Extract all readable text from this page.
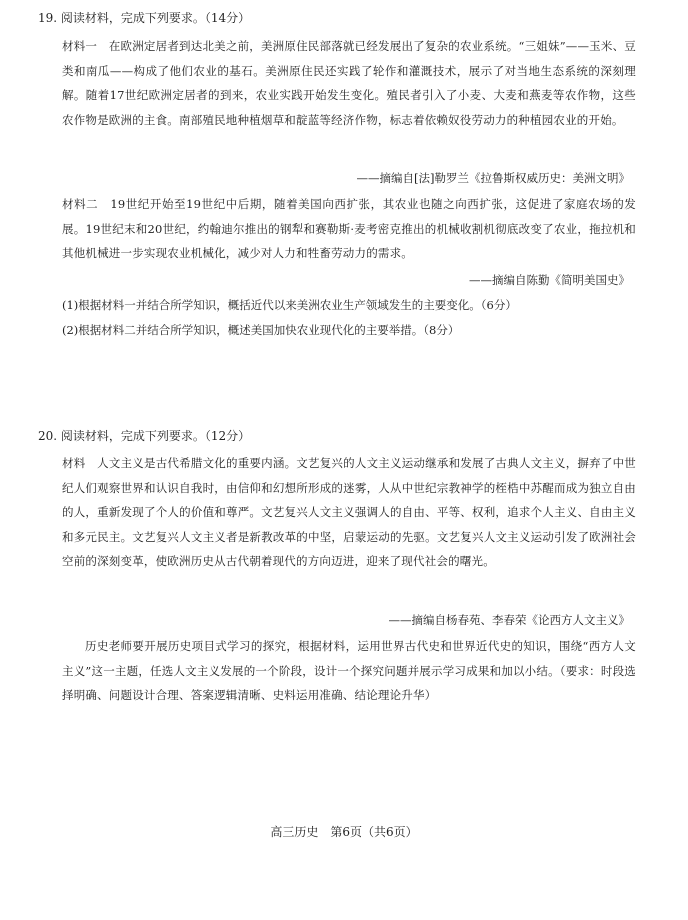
19. 阅读材料，完成下列要求。（14分）
材料一　在欧洲定居者到达北美之前，美洲原住民部落就已经发展出了复杂的农业系统。“三姐妹”——玉米、豆类和南瓜——构成了他们农业的基石。美洲原住民还实践了轮作和灌溉技术，展示了对当地生态系统的深刻理解。随着17世纪欧洲定居者的到来，农业实践开始发生变化。殖民者引入了小麦、大麦和燕麦等农作物，这些农作物是欧洲的主食。南部殖民地种植烟草和靛蓝等经济作物，标志着依赖奴役劳动力的种植园农业的开始。
——摘编自[法]勒罗兰《拉鲁斯权威历史：美洲文明》
材料二　19世纪开始至19世纪中后期，随着美国向西扩张，其农业也随之向西扩张，这促进了家庭农场的发展。19世纪末和20世纪，约翰迪尔推出的钢犁和赛勒斯·麦考密克推出的机械收割机彻底改变了农业，拖拉机和其他机械进一步实现农业机械化，减少对人力和牲畜劳动力的需求。
——摘编自陈勤《简明美国史》
(1)根据材料一并结合所学知识，概括近代以来美洲农业生产领域发生的主要变化。（6分）
(2)根据材料二并结合所学知识，概述美国加快农业现代化的主要举措。（8分）
20. 阅读材料，完成下列要求。（12分）
材料　人文主义是古代希腊文化的重要内涵。文艺复兴的人文主义运动继承和发展了古典人文主义，摒弃了中世纪人们观察世界和认识自我时，由信仰和幻想所形成的迷雾，人从中世纪宗教神学的桎梏中苏醒而成为独立自由的人，重新发现了个人的价值和尊严。文艺复兴人文主义强调人的自由、平等、权利，追求个人主义、自由主义和多元民主。文艺复兴人文主义者是新教改革的中坚，启蒙运动的先驱。文艺复兴人文主义运动引发了欧洲社会空前的深刻变革，使欧洲历史从古代朝着现代的方向迈进，迎来了现代社会的曙光。
——摘编自杨春苑、李春荣《论西方人文主义》
历史老师要开展历史项目式学习的探究，根据材料，运用世界古代史和世界近代史的知识，围绕“西方人文主义”这一主题，任选人文主义发展的一个阶段，设计一个探究问题并展示学习成果和加以小结。（要求：时段选择明确、问题设计合理、答案逻辑清晰、史料运用准确、结论理论升华）
高三历史　第6页（共6页）
